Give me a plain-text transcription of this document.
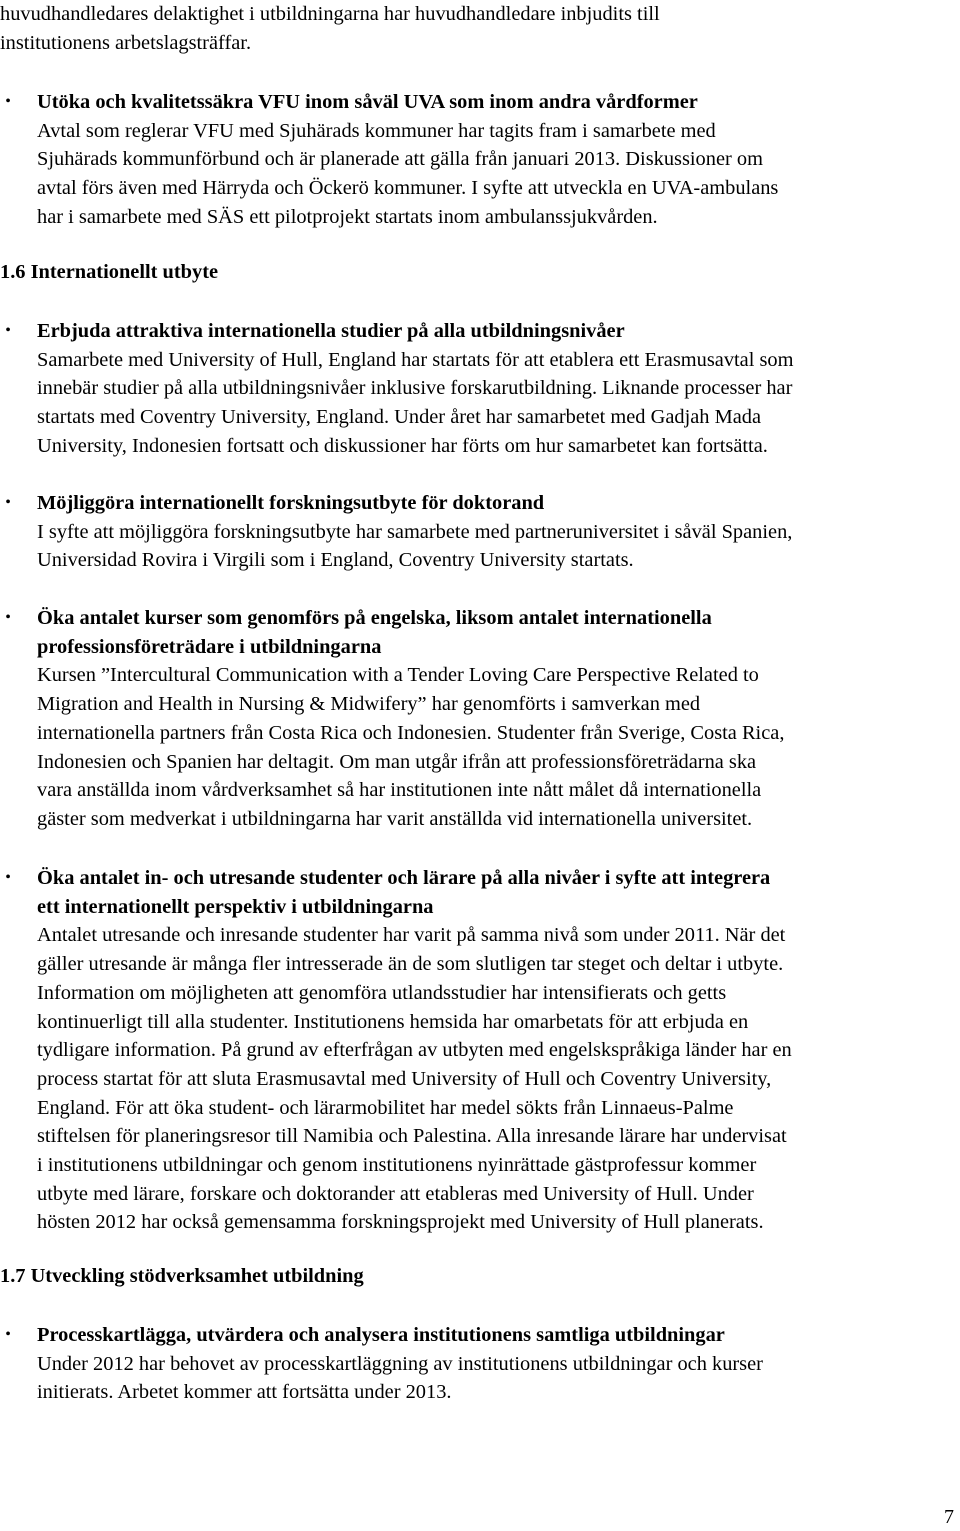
huvudhandledares delaktighet i utbildningarna har huvudhandledare inbjudits till
institutionens arbetslagsträffar.
• Utöka och kvalitetssäkra VFU inom såväl UVA som inom andra vårdformer
Avtal som reglerar VFU med Sjuhärads kommuner har tagits fram i samarbete med
Sjuhärads kommunförbund och är planerade att gälla från januari 2013. Diskussioner om
avtal förs även med Härryda och Öckerö kommuner. I syfte att utveckla en UVA-ambulans
har i samarbete med SÄS ett pilotprojekt startats inom ambulanssjukvården.
1.6 Internationellt utbyte
• Erbjuda attraktiva internationella studier på alla utbildningsnivåer
Samarbete med University of Hull, England har startats för att etablera ett Erasmusavtal som
innebär studier på alla utbildningsnivåer inklusive forskarutbildning. Liknande processer har
startats med Coventry University, England. Under året har samarbetet med Gadjah Mada
University, Indonesien fortsatt och diskussioner har förts om hur samarbetet kan fortsätta.
• Möjliggöra internationellt forskningsutbyte för doktorand
I syfte att möjliggöra forskningsutbyte har samarbete med partneruniversitet i såväl Spanien,
Universidad Rovira i Virgili som i England, Coventry University startats.
• Öka antalet kurser som genomförs på engelska, liksom antalet internationella
professionsföreträdare i utbildningarna
Kursen ”Intercultural Communication with a Tender Loving Care Perspective Related to
Migration and Health in Nursing & Midwifery” har genomförts i samverkan med
internationella partners från Costa Rica och Indonesien. Studenter från Sverige, Costa Rica,
Indonesien och Spanien har deltagit. Om man utgår ifrån att professionsföreträdarna ska
vara anställda inom vårdverksamhet så har institutionen inte nått målet då internationella
gäster som medverkat i utbildningarna har varit anställda vid internationella universitet.
• Öka antalet in- och utresande studenter och lärare på alla nivåer i syfte att integrera
ett internationellt perspektiv i utbildningarna
Antalet utresande och inresande studenter har varit på samma nivå som under 2011. När det
gäller utresande är många fler intresserade än de som slutligen tar steget och deltar i utbyte.
Information om möjligheten att genomföra utlandsstudier har intensifierats och getts
kontinuerligt till alla studenter. Institutionens hemsida har omarbetats för att erbjuda en
tydligare information. På grund av efterfrågan av utbyten med engelskspråkiga länder har en
process startat för att sluta Erasmusavtal med University of Hull och Coventry University,
England. För att öka student- och lärarmobilitet har medel sökts från Linnaeus-Palme
stiftelsen för planeringsresor till Namibia och Palestina. Alla inresande lärare har undervisat
i institutionens utbildningar och genom institutionens nyinrättade gästprofessur kommer
utbyte med lärare, forskare och doktorander att etableras med University of Hull. Under
hösten 2012 har också gemensamma forskningsprojekt med University of Hull planerats.
1.7 Utveckling stödverksamhet utbildning
• Processkartlägga, utvärdera och analysera institutionens samtliga utbildningar
Under 2012 har behovet av processkartläggning av institutionens utbildningar och kurser
initierats. Arbetet kommer att fortsätta under 2013.
7
